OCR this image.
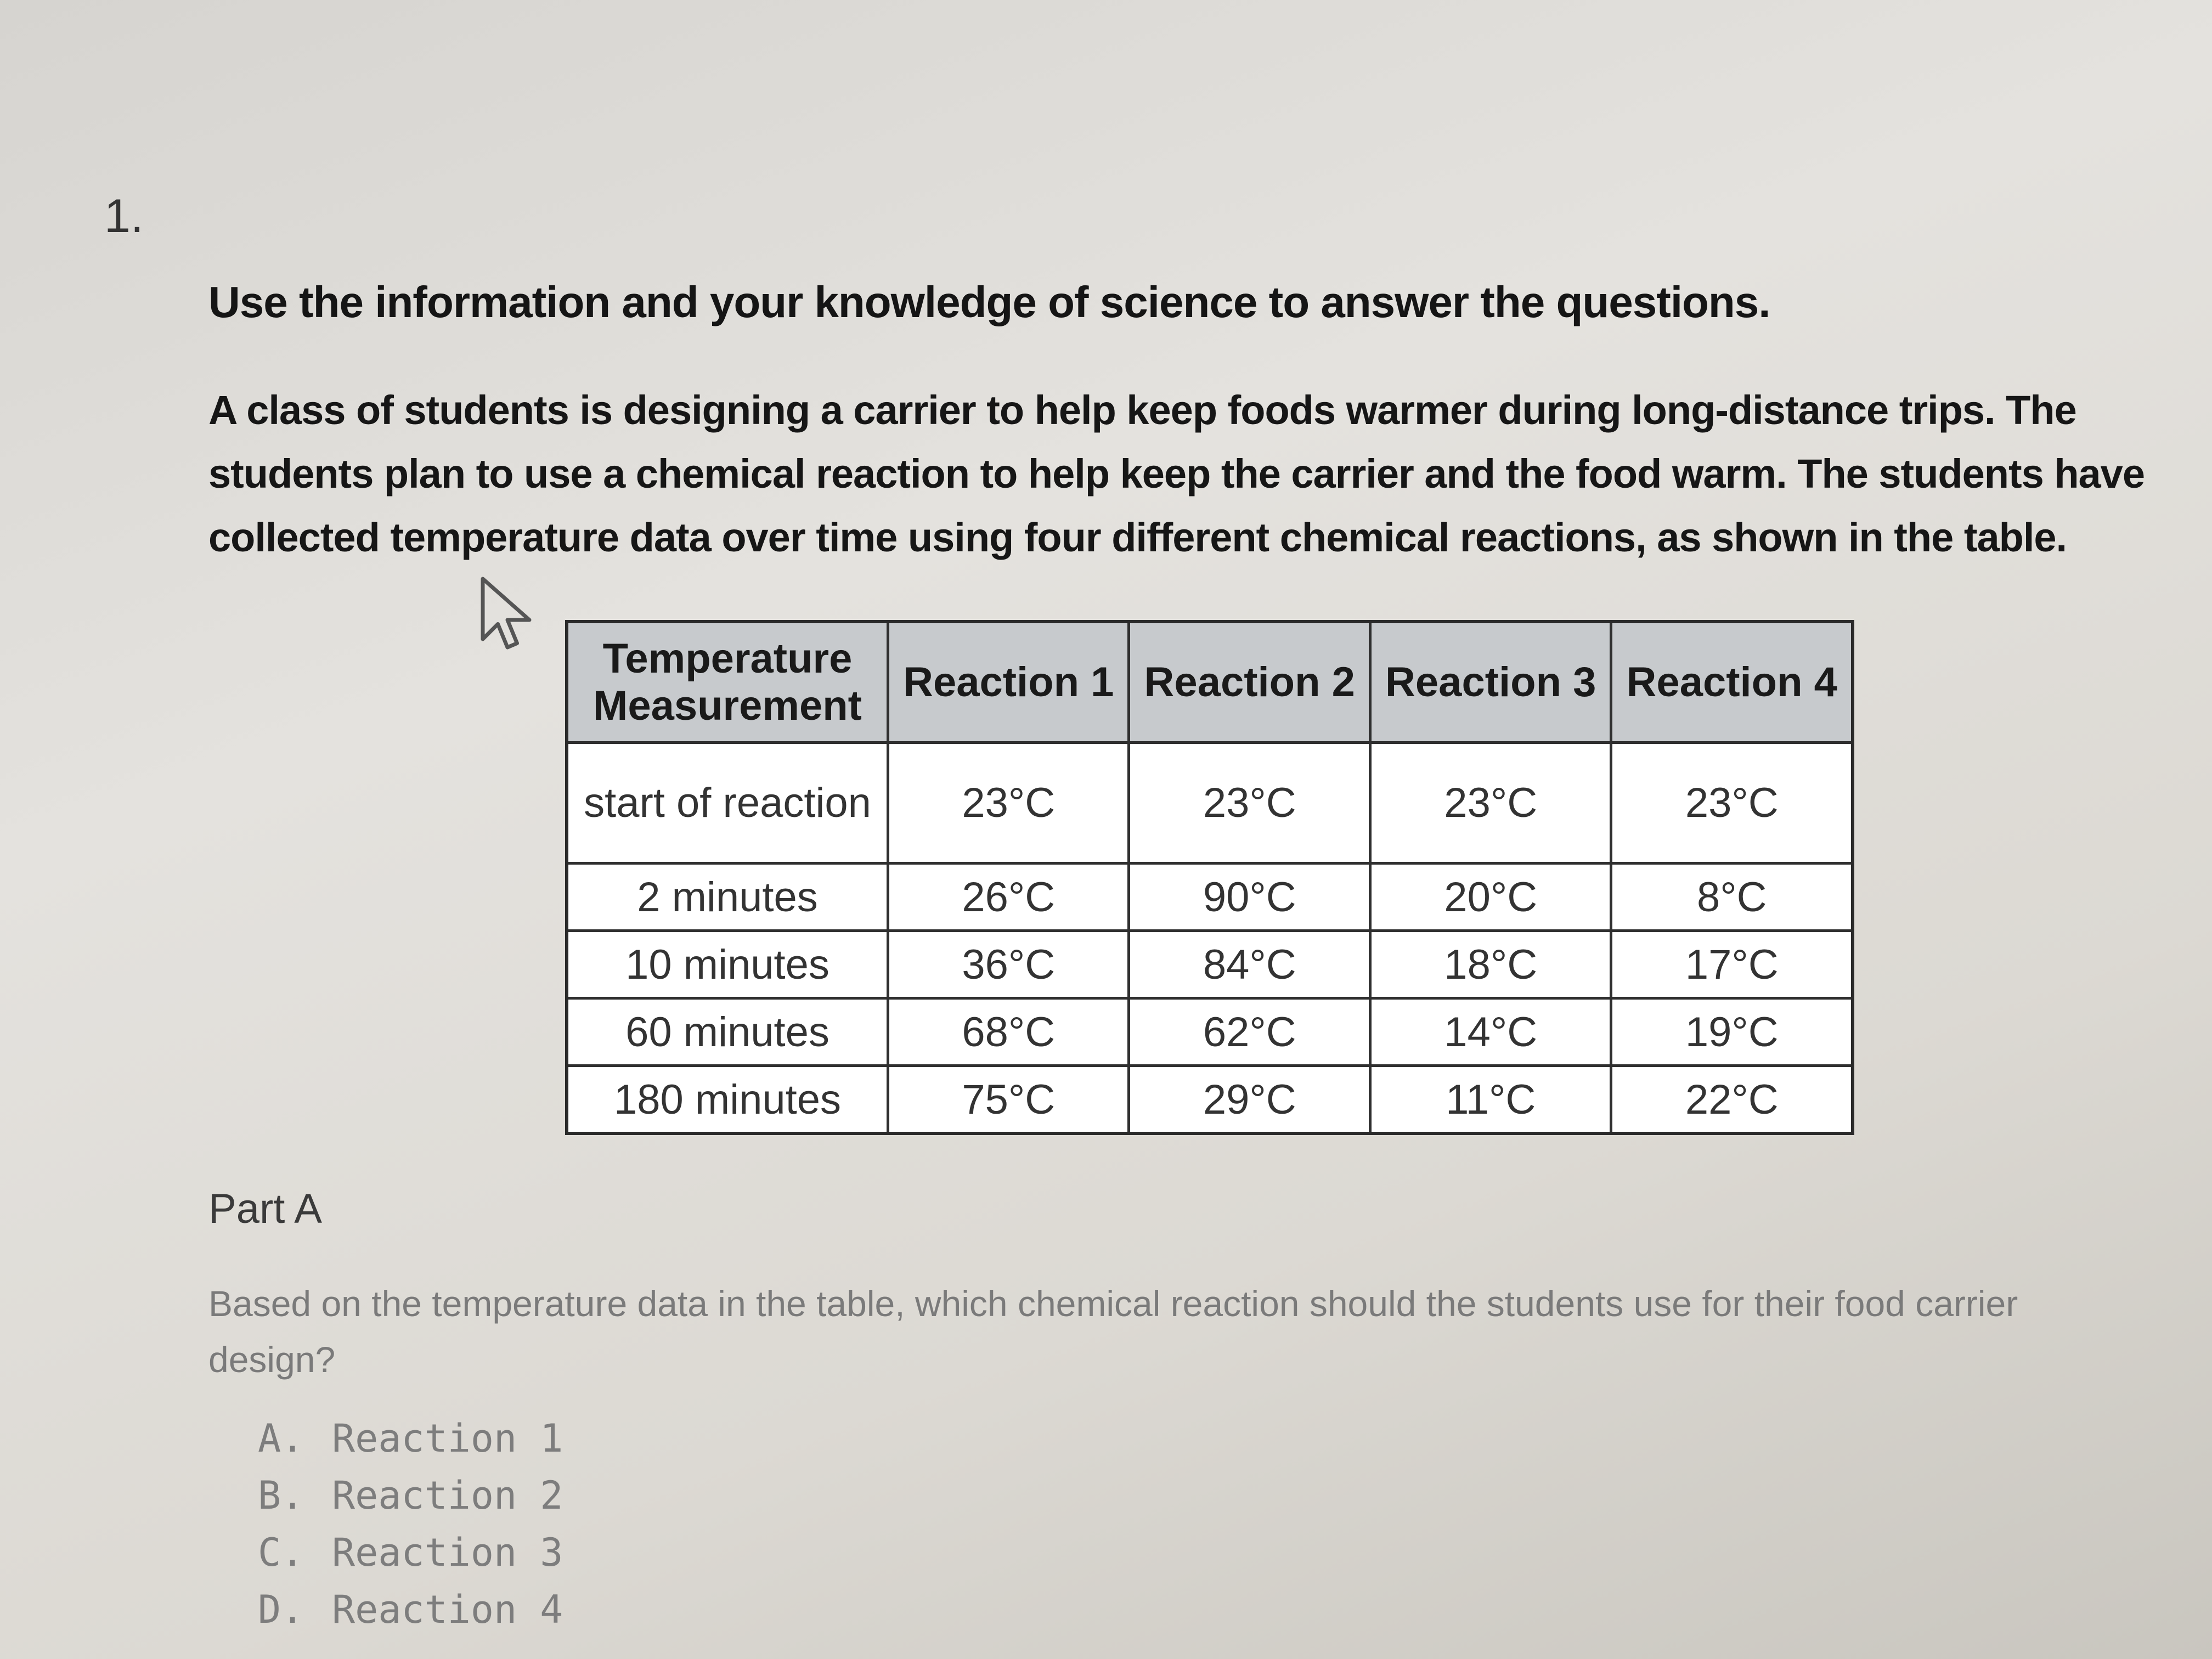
1.
Use the information and your knowledge of science to answer the questions.
A class of students is designing a carrier to help keep foods warmer during long-distance trips. The students plan to use a chemical reaction to help keep the carrier and the food warm. The students have collected temperature data over time using four different chemical reactions, as shown in the table.
Temperature Measurement	Reaction 1	Reaction 2	Reaction 3	Reaction 4
start of reaction	23°C	23°C	23°C	23°C
2 minutes	26°C	90°C	20°C	8°C
10 minutes	36°C	84°C	18°C	17°C
60 minutes	68°C	62°C	14°C	19°C
180 minutes	75°C	29°C	11°C	22°C
Part A
Based on the temperature data in the table, which chemical reaction should the students use for their food carrier design?
A. Reaction 1
B. Reaction 2
C. Reaction 3
D. Reaction 4
